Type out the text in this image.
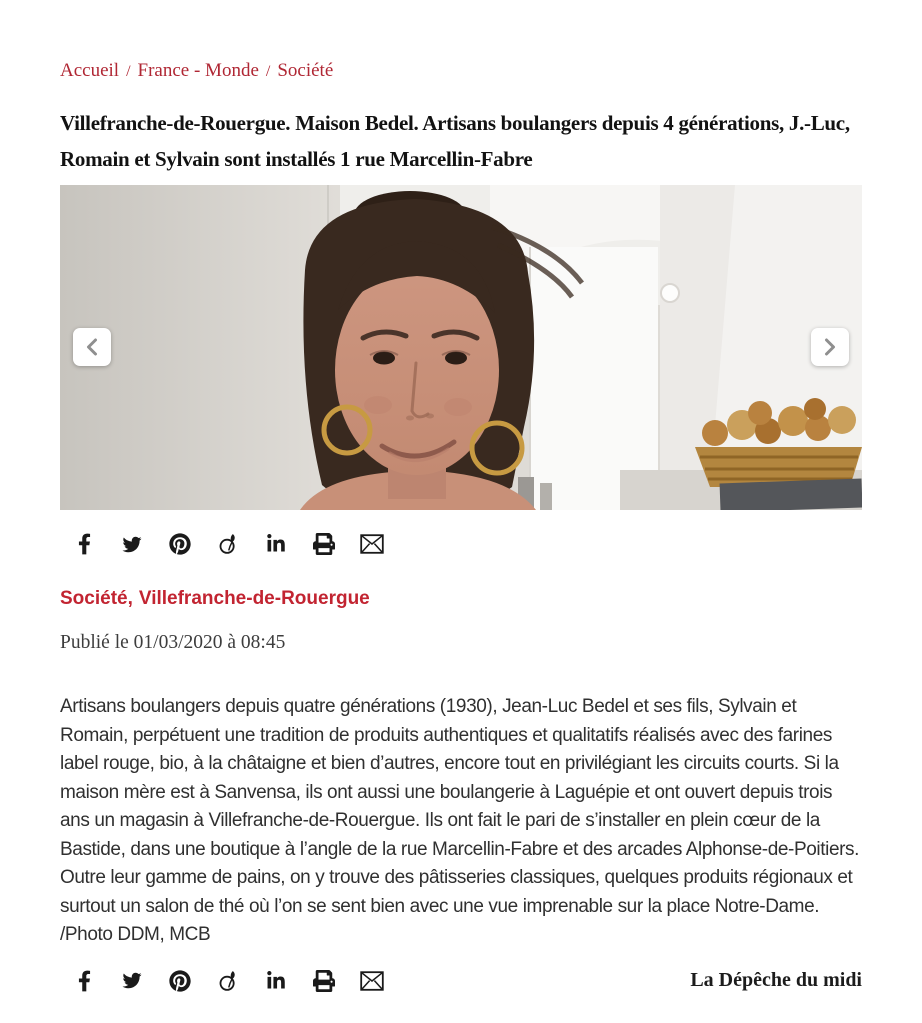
Accueil / France - Monde / Société
Villefranche-de-Rouergue. Maison Bedel. Artisans boulangers depuis 4 générations, J.-Luc, Romain et Sylvain sont installés 1 rue Marcellin-Fabre
Société, Villefranche-de-Rouergue
Publié le 01/03/2020 à 08:45

Artisans boulangers depuis quatre générations (1930), Jean-Luc Bedel et ses fils, Sylvain et Romain, perpétuent une tradition de produits authentiques et qualitatifs réalisés avec des farines label rouge, bio, à la châtaigne et bien d’autres, encore tout en privilégiant les circuits courts. Si la maison mère est à Sanvensa, ils ont aussi une boulangerie à Laguépie et ont ouvert depuis trois ans un magasin à Villefranche-de-Rouergue. Ils ont fait le pari de s’installer en plein cœur de la Bastide, dans une boutique à l’angle de la rue Marcellin-Fabre et des arcades Alphonse-de-Poitiers. Outre leur gamme de pains, on y trouve des pâtisseries classiques, quelques produits régionaux et surtout un salon de thé où l’on se sent bien avec une vue imprenable sur la place Notre-Dame. /Photo DDM, MCB

La Dépêche du midi
